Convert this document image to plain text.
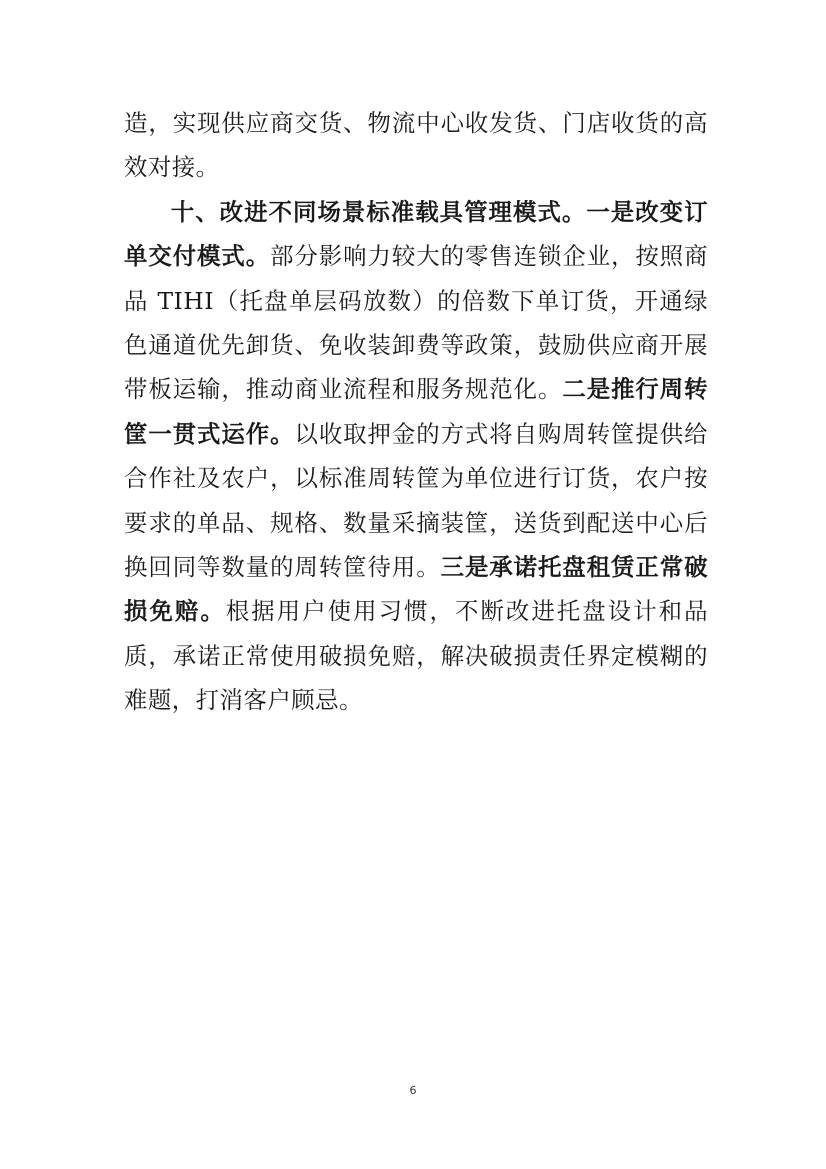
造，实现供应商交货、物流中心收发货、门店收货的高效对接。

十、改进不同场景标准载具管理模式。一是改变订单交付模式。部分影响力较大的零售连锁企业，按照商品 TIHI（托盘单层码放数）的倍数下单订货，开通绿色通道优先卸货、免收装卸费等政策，鼓励供应商开展带板运输，推动商业流程和服务规范化。二是推行周转筐一贯式运作。以收取押金的方式将自购周转筐提供给合作社及农户，以标准周转筐为单位进行订货，农户按要求的单品、规格、数量采摘装筐，送货到配送中心后换回同等数量的周转筐待用。三是承诺托盘租赁正常破损免赔。根据用户使用习惯，不断改进托盘设计和品质，承诺正常使用破损免赔，解决破损责任界定模糊的难题，打消客户顾忌。

6
